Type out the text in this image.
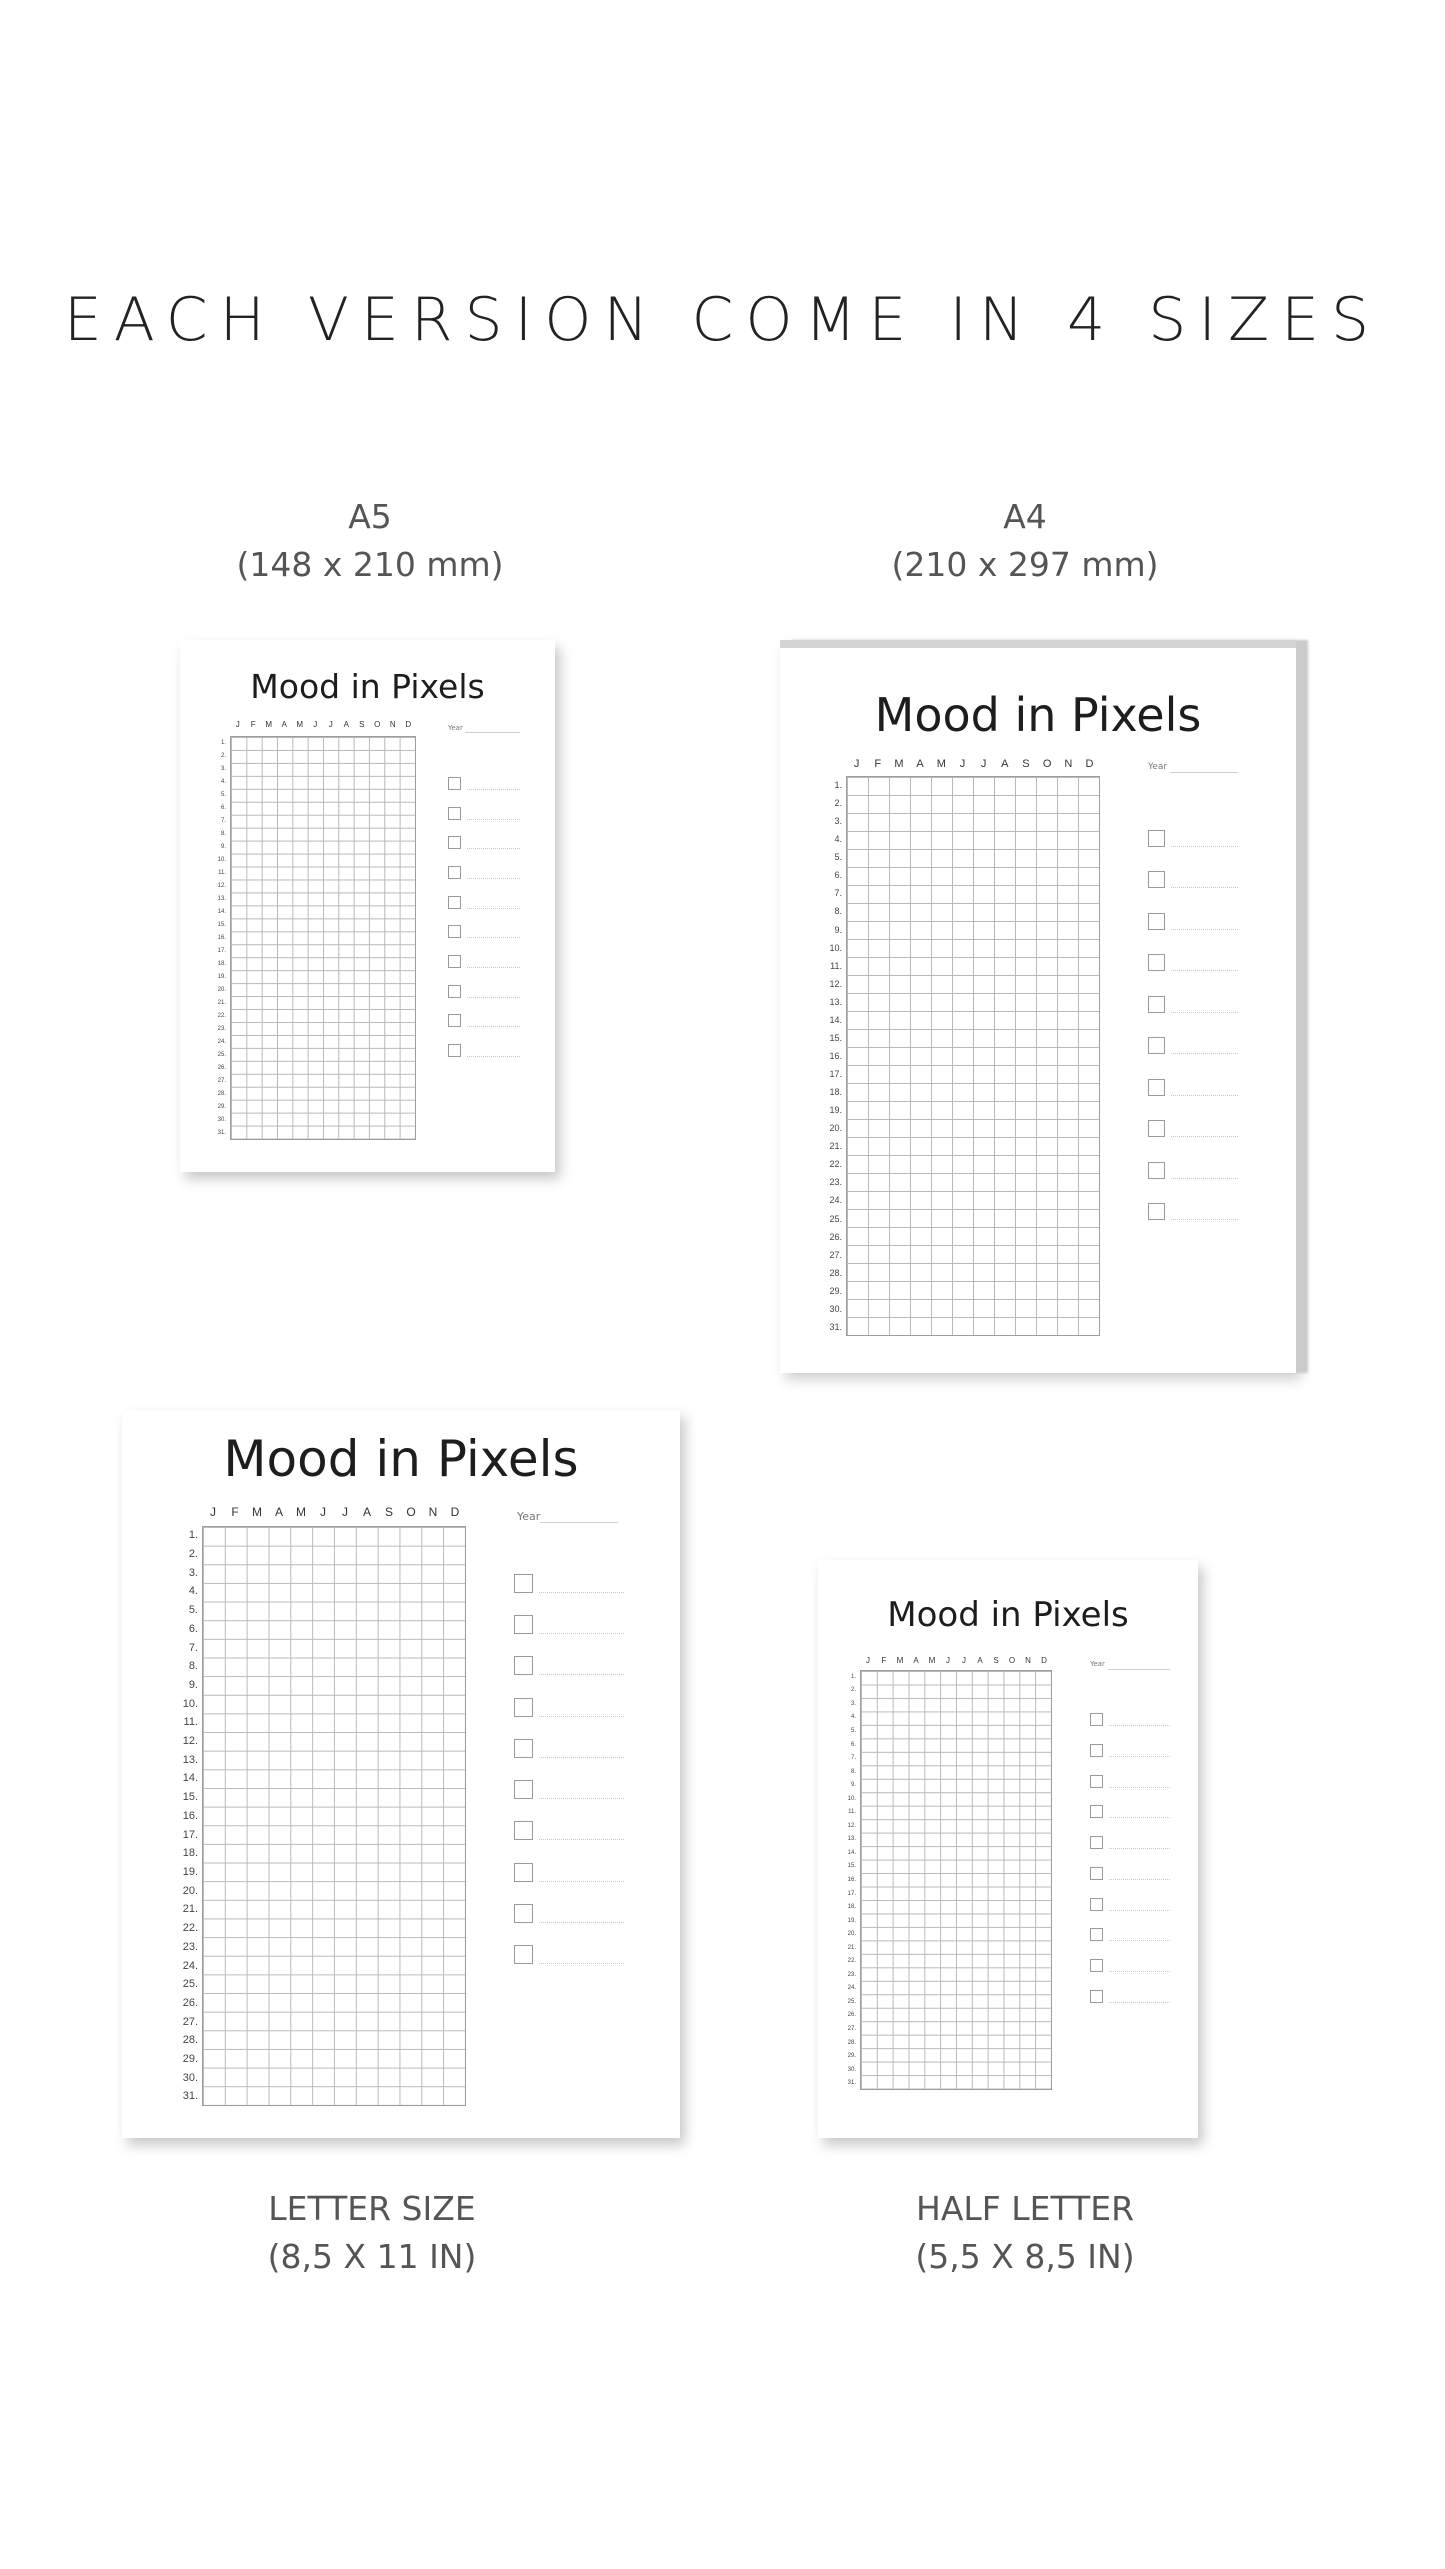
EACH VERSION COME IN 4 SIZES
A5
(148 x 210 mm)
A4
(210 x 297 mm)
LETTER SIZE
(8,5 X 11 IN)
HALF LETTER
(5,5 X 8,5 IN)
Mood in Pixels
J	F	M	A	M	J	J	A	S	O	N	D
1.
2.
3.
4.
5.
6.
7.
8.
9.
10.
11.
12.
13.
14.
15.
16.
17.
18.
19.
20.
21.
22.
23.
24.
25.
26.
27.
28.
29.
30.
31.
Year	Mood in Pixels
J	F	M	A	M	J	J	A	S	O	N	D
1.
2.
3.
4.
5.
6.
7.
8.
9.
10.
11.
12.
13.
14.
15.
16.
17.
18.
19.
20.
21.
22.
23.
24.
25.
26.
27.
28.
29.
30.
31.
Year
Mood in Pixels
J	F	M	A	M	J	J	A	S	O	N	D
1.
2.
3.
4.
5.
6.
7.
8.
9.
10.
11.
12.
13.
14.
15.
16.
17.
18.
19.
20.
21.
22.
23.
24.
25.
26.
27.
28.
29.
30.
31.
Year
Mood in Pixels
J	F	M	A	M	J	J	A	S	O	N	D
1.
2.
3.
4.
5.
6.
7.
8.
9.
10.
11.
12.
13.
14.
15.
16.
17.
18.
19.
20.
21.
22.
23.
24.
25.
26.
27.
28.
29.
30.
31.
Year
